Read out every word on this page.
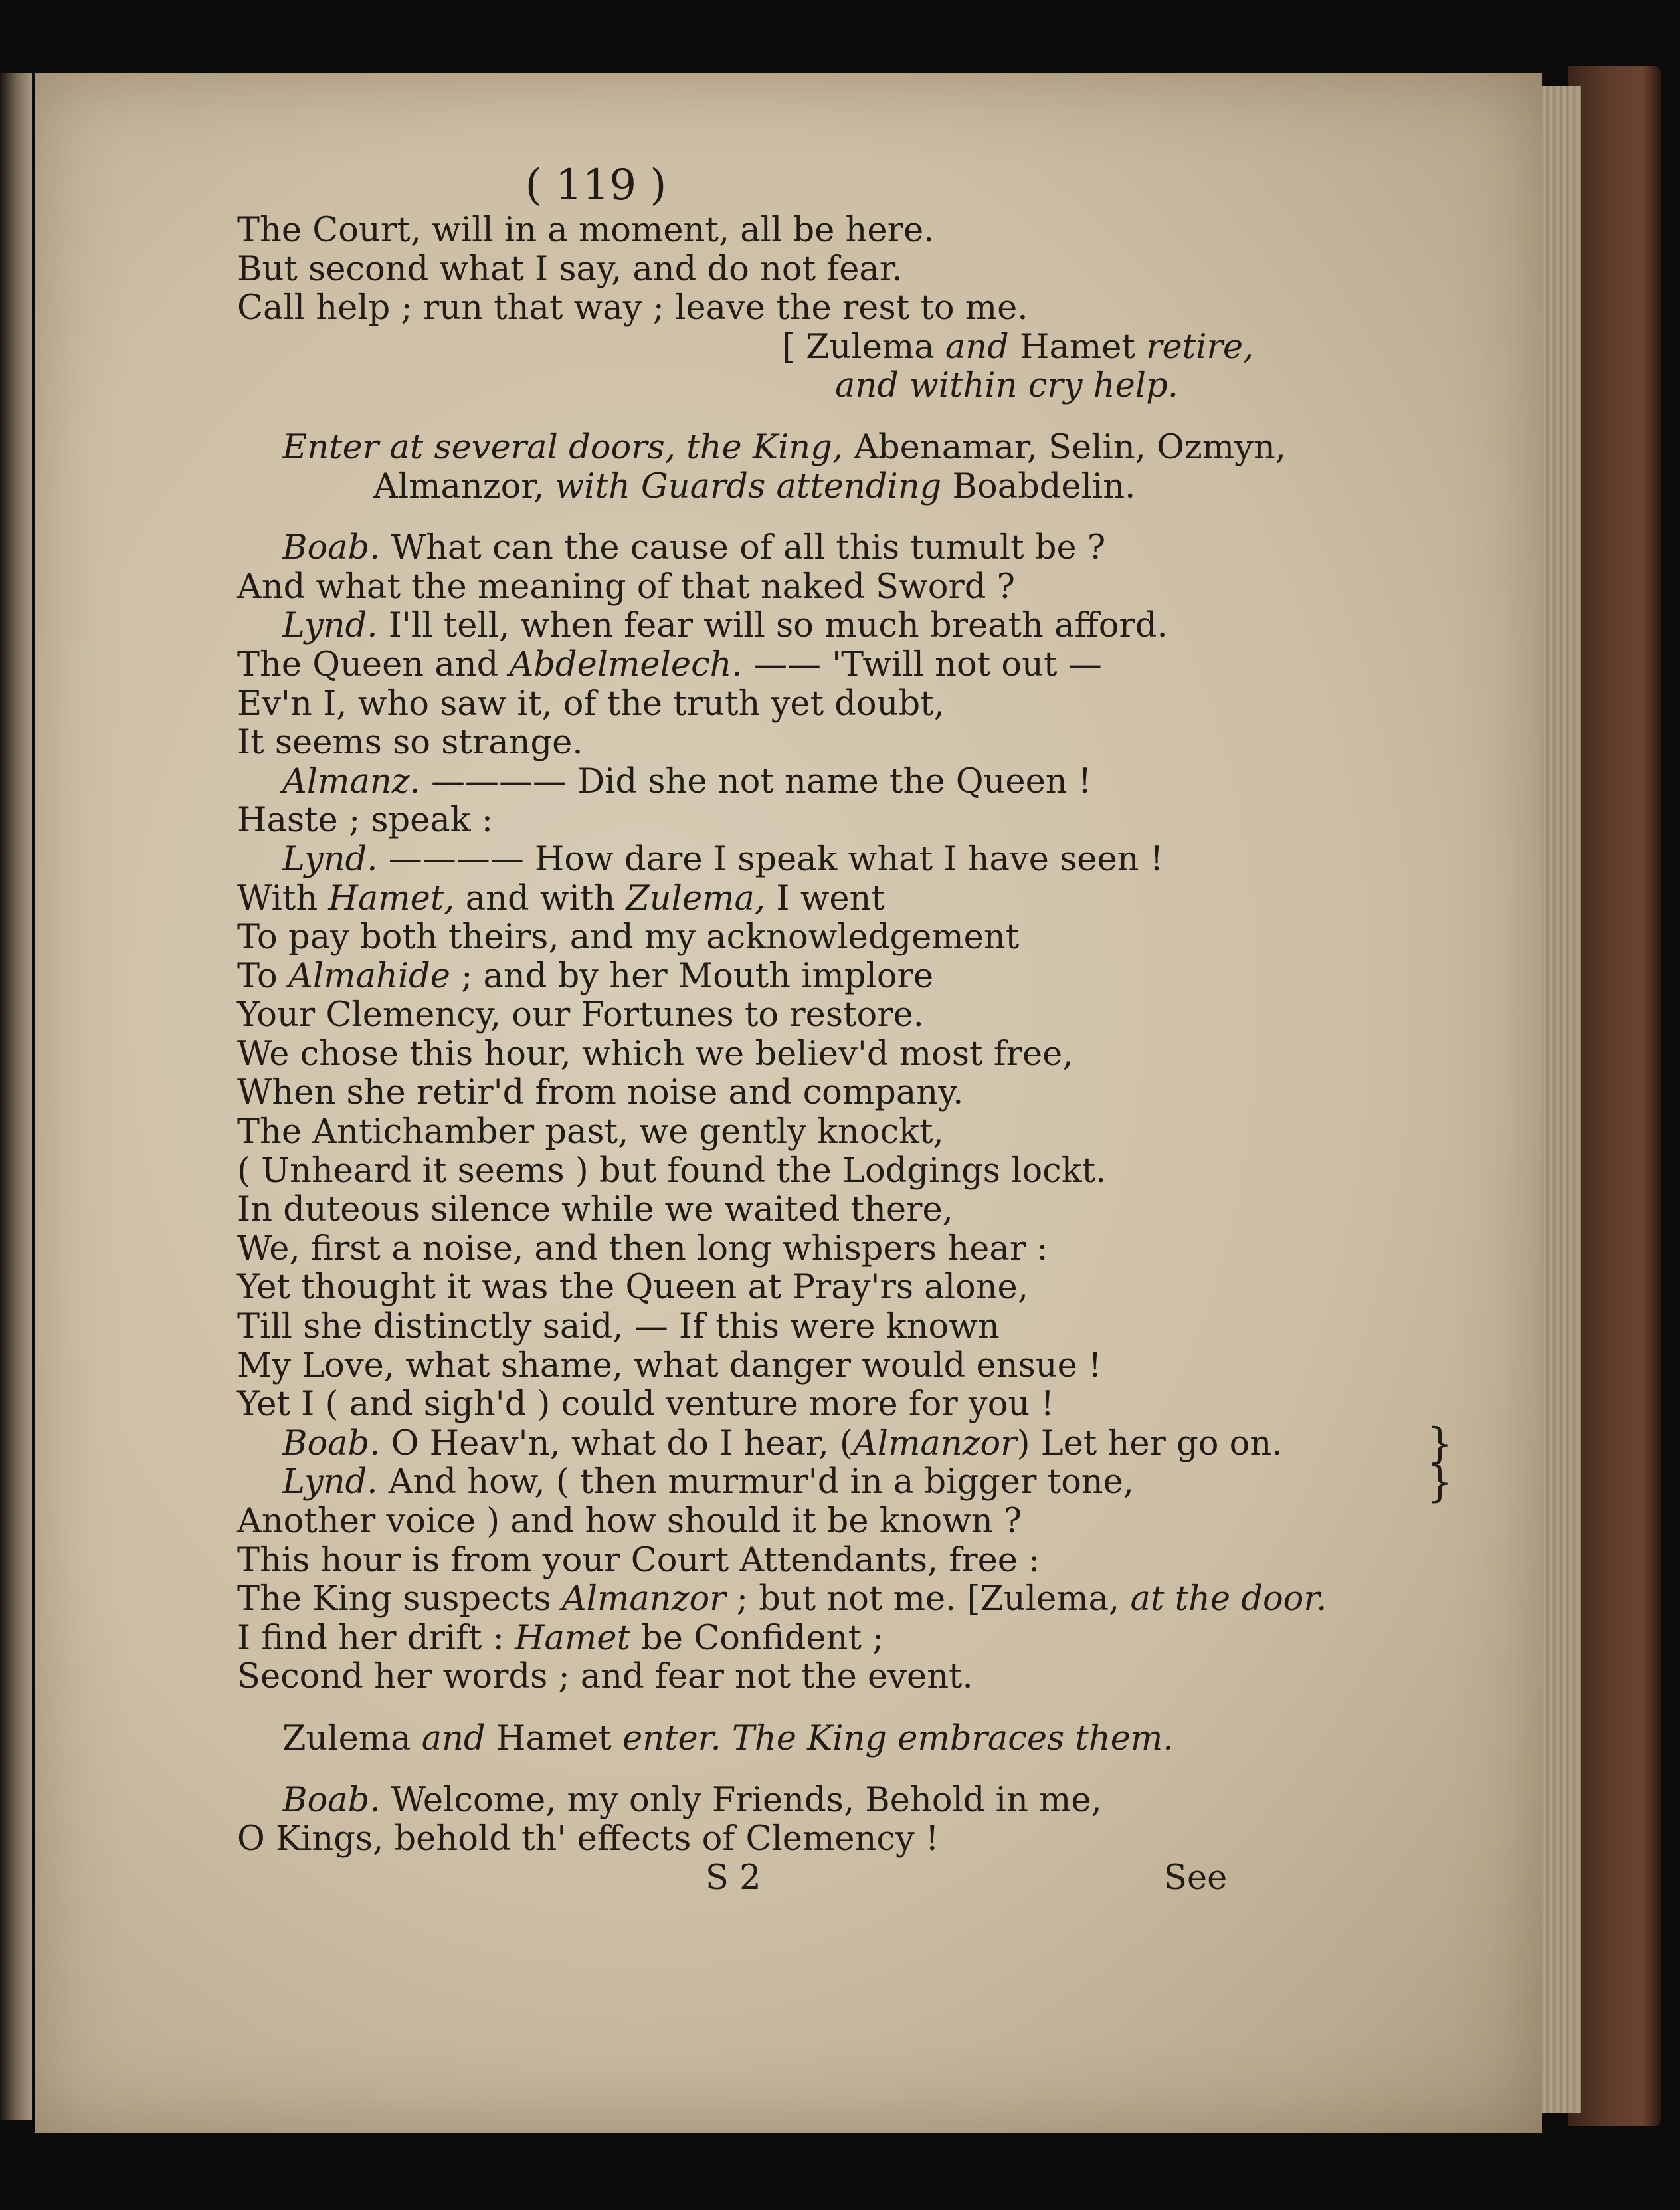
( 119 )
The Court, will in a moment, all be here.
But second what I say, and do not fear.
Call help ; run that way ; leave the rest to me.
[ Zulema and Hamet retire,
and within cry help.
Enter at several doors, the King, Abenamar, Selin, Ozmyn,
Almanzor, with Guards attending Boabdelin.
Boab. What can the cause of all this tumult be ?
And what the meaning of that naked Sword ?
Lynd. I'll tell, when fear will so much breath afford.
The Queen and Abdelmelech. —— 'Twill not out —
Ev'n I, who saw it, of the truth yet doubt,
It seems so strange.
Almanz. ———— Did she not name the Queen !
Haste ; speak :
Lynd. ———— How dare I speak what I have seen !
With Hamet, and with Zulema, I went
To pay both theirs, and my acknowledgement
To Almahide ; and by her Mouth implore
Your Clemency, our Fortunes to restore.
We chose this hour, which we believ'd most free,
When she retir'd from noise and company.
The Antichamber past, we gently knockt,
( Unheard it seems ) but found the Lodgings lockt.
In duteous silence while we waited there,
We, first a noise, and then long whispers hear :
Yet thought it was the Queen at Pray'rs alone,
Till she distinctly said, — If this were known
My Love, what shame, what danger would ensue !
Yet I ( and sigh'd ) could venture more for you !
Boab. O Heav'n, what do I hear, (Almanzor) Let her go on.	}
Lynd. And how, ( then murmur'd in a bigger tone,	}
Another voice ) and how should it be known ?
This hour is from your Court Attendants, free :
The King suspects Almanzor ; but not me. [Zulema, at the door.
I find her drift : Hamet be Confident ;
Second her words ; and fear not the event.
Zulema and Hamet enter. The King embraces them.
Boab. Welcome, my only Friends, Behold in me,
O Kings, behold th' effects of Clemency !
S 2	See
